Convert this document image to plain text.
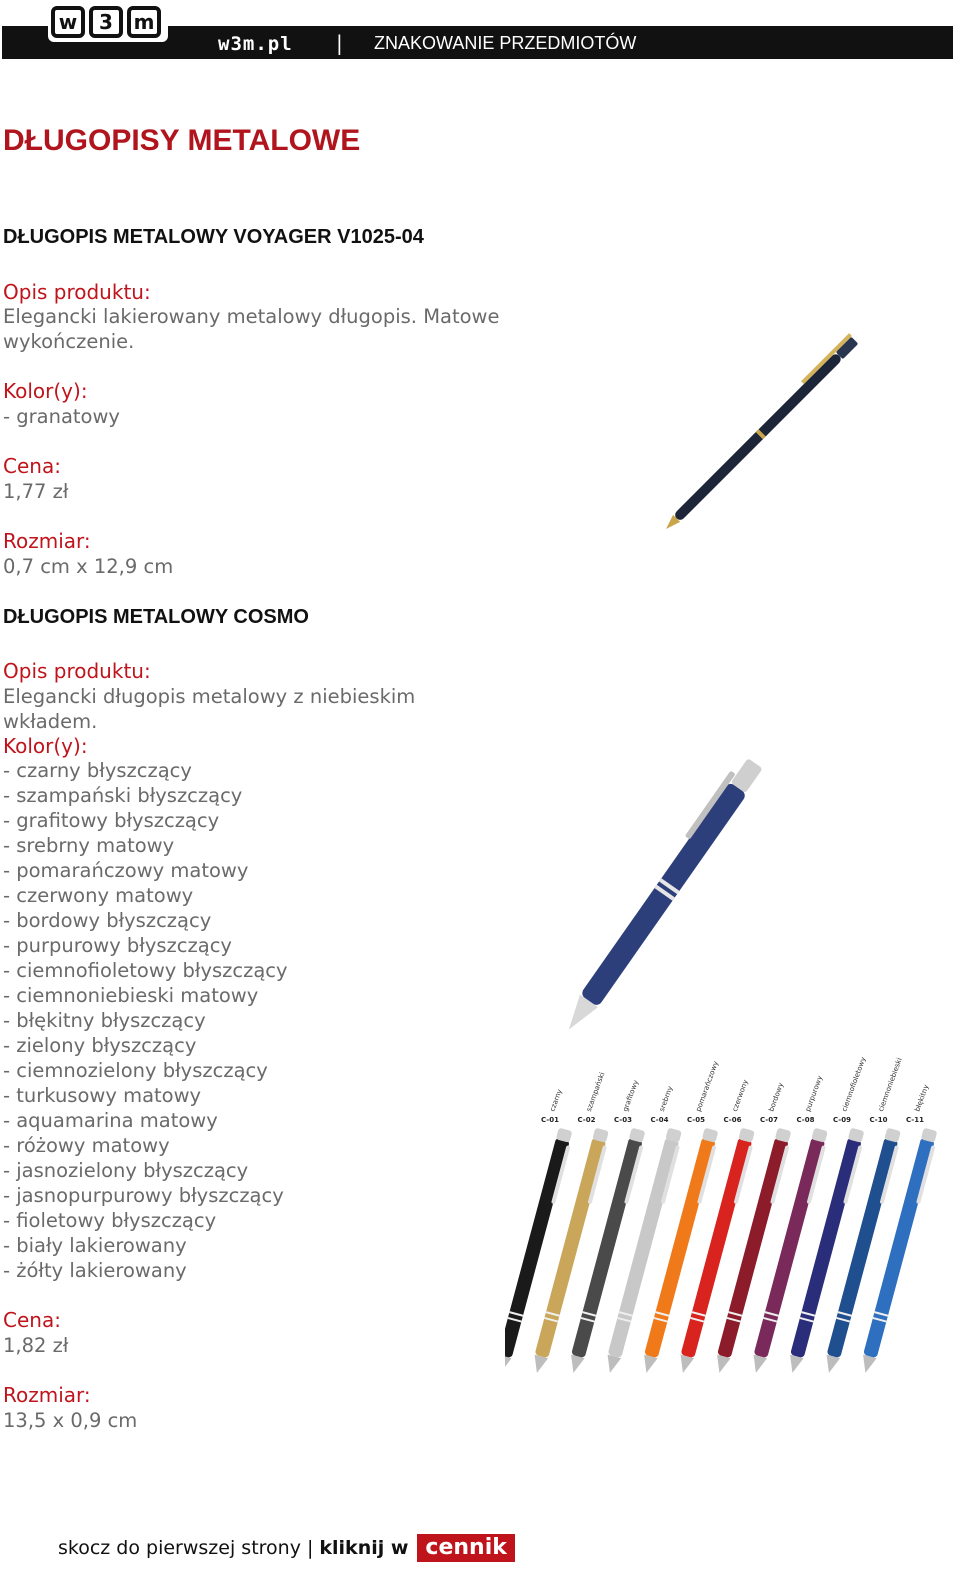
w	3	m
w3m.pl | ZNAKOWANIE PRZEDMIOTÓW
DŁUGOPISY METALOWE
DŁUGOPIS METALOWY VOYAGER V1025-04
Opis produktu:
Elegancki lakierowany metalowy długopis. Matowe wykończenie.
Kolor(y):
- granatowy
Cena:
1,77 zł
Rozmiar:
0,7 cm x 12,9 cm
DŁUGOPIS METALOWY COSMO
Opis produktu:
Elegancki długopis metalowy z niebieskim wkładem.
Kolor(y):
- czarny błyszczący
- szampański błyszczący
- grafitowy błyszczący
- srebrny matowy
- pomarańczowy matowy
- czerwony matowy
- bordowy błyszczący
- purpurowy błyszczący
- ciemnofioletowy błyszczący
- ciemnoniebieski matowy
- błękitny błyszczący
- zielony błyszczący
- ciemnozielony błyszczący
- turkusowy matowy
- aquamarina matowy
- różowy matowy
- jasnozielony błyszczący
- jasnopurpurowy błyszczący
- fioletowy błyszczący
- biały lakierowany
- żółty lakierowany
Cena:
1,82 zł
Rozmiar:
13,5 x 0,9 cm
czarny
C-01
szampański
C-02
grafitowy
C-03
srebrny
C-04
pomarańczowy
C-05
czerwony
C-06
bordowy
C-07
purpurowy
C-08
ciemnofioletowy
C-09
ciemnoniebieski
C-10
błękitny
C-11
skocz do pierwszej strony | kliknij w cennik
